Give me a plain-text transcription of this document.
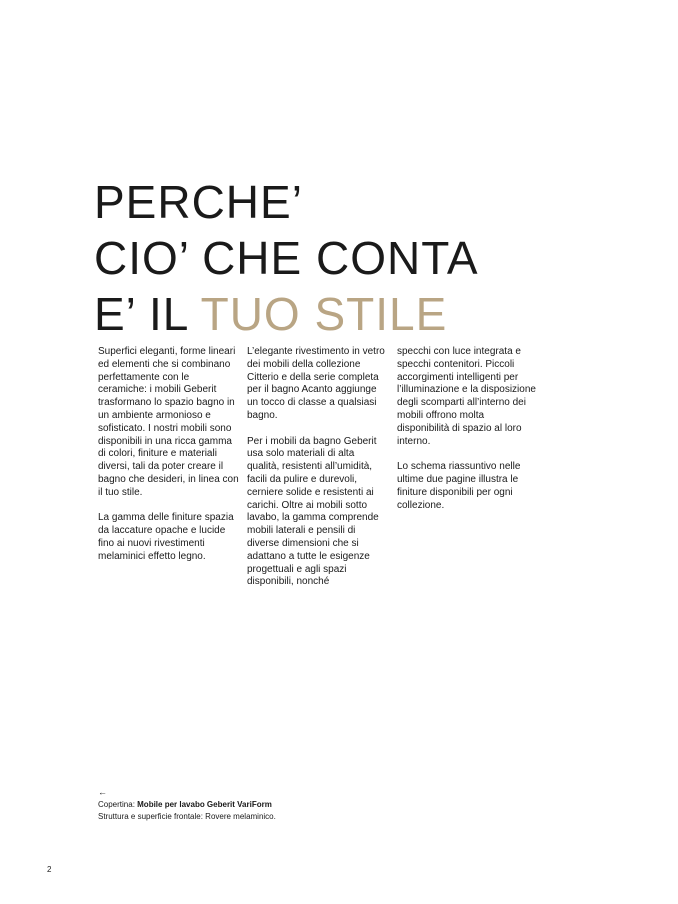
PERCHE’
CIO’ CHE CONTA
E’ IL TUO STILE

Superfici eleganti, forme lineari ed elementi che si combinano perfettamente con le ceramiche: i mobili Geberit trasformano lo spazio bagno in un ambiente armonioso e sofisticato. I nostri mobili sono disponibili in una ricca gamma di colori, finiture e materiali diversi, tali da poter creare il bagno che desideri, in linea con il tuo stile.

La gamma delle finiture spazia da laccature opache e lucide fino ai nuovi rivestimenti melaminici effetto legno.

L’elegante rivestimento in vetro dei mobili della collezione Citterio e della serie completa per il bagno Acanto aggiunge un tocco di classe a qualsiasi bagno.

Per i mobili da bagno Geberit usa solo materiali di alta qualità, resistenti all’umidità, facili da pulire e durevoli, cerniere solide e resistenti ai carichi. Oltre ai mobili sotto lavabo, la gamma comprende mobili laterali e pensili di diverse dimensioni che si adattano a tutte le esigenze progettuali e agli spazi disponibili, nonché

specchi con luce integrata e specchi contenitori. Piccoli accorgimenti intelligenti per l’illuminazione e la disposizione degli scomparti all’interno dei mobili offrono molta disponibilità di spazio al loro interno.

Lo schema riassuntivo nelle ultime due pagine illustra le finiture disponibili per ogni collezione.

←
Copertina: Mobile per lavabo Geberit VariForm
Struttura e superficie frontale: Rovere melaminico.
2
